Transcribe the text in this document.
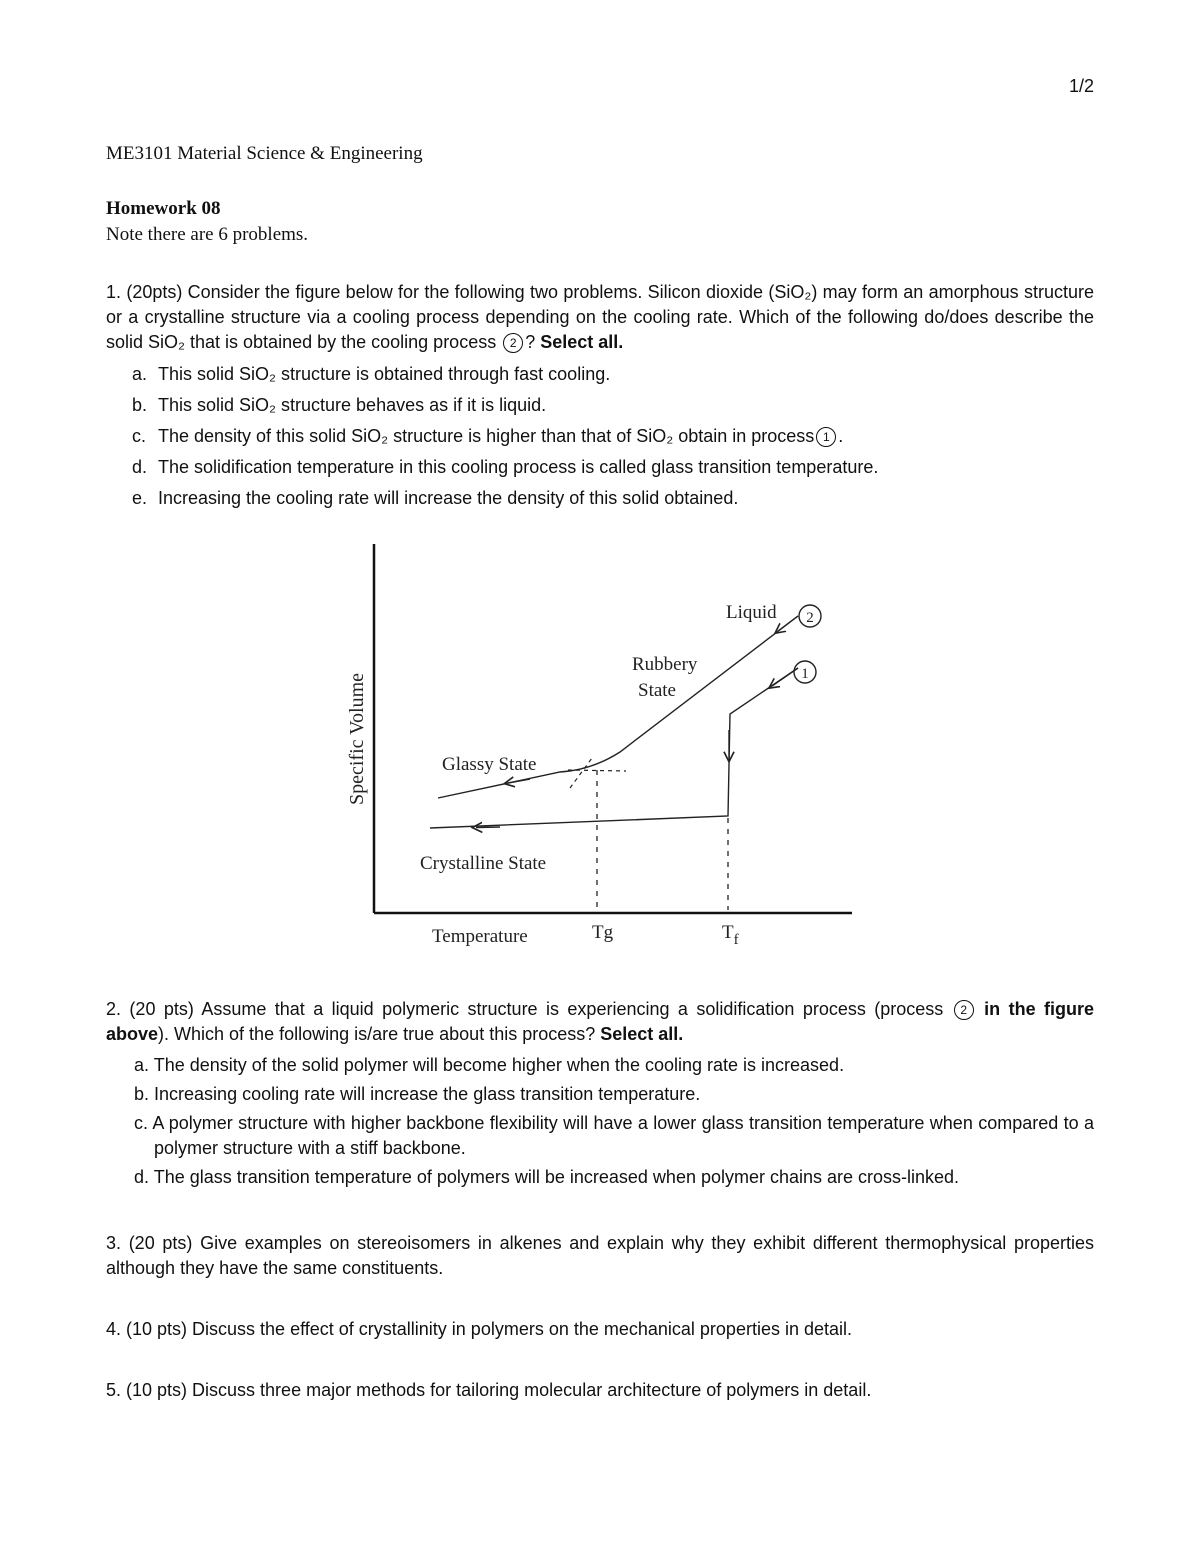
1/2
ME3101 Material Science & Engineering
Homework 08
Note there are 6 problems.
1. (20pts) Consider the figure below for the following two problems. Silicon dioxide (SiO₂) may form an amorphous structure or a crystalline structure via a cooling process depending on the cooling rate. Which of the following do/does describe the solid SiO₂ that is obtained by the cooling process 2 ? Select all.
a. This solid SiO₂ structure is obtained through fast cooling.
b. This solid SiO₂ structure behaves as if it is liquid.
c. The density of this solid SiO₂ structure is higher than that of SiO₂ obtain in process 1 .
d. The solidification temperature in this cooling process is called glass transition temperature.
e. Increasing the cooling rate will increase the density of this solid obtained.
Liquid 2
1
Rubbery
State
Glassy State
Crystalline State
Temperature	Tg	$T_f$
Specific Volume
2. (20 pts) Assume that a liquid polymeric structure is experiencing a solidification process (process 2 in the figure above). Which of the following is/are true about this process? Select all.
a. The density of the solid polymer will become higher when the cooling rate is increased.
b. Increasing cooling rate will increase the glass transition temperature.
c. A polymer structure with higher backbone flexibility will have a lower glass transition temperature when compared to a polymer structure with a stiff backbone.
d. The glass transition temperature of polymers will be increased when polymer chains are cross-linked.
3. (20 pts) Give examples on stereoisomers in alkenes and explain why they exhibit different thermophysical properties although they have the same constituents.
4. (10 pts) Discuss the effect of crystallinity in polymers on the mechanical properties in detail.
5. (10 pts) Discuss three major methods for tailoring molecular architecture of polymers in detail.
